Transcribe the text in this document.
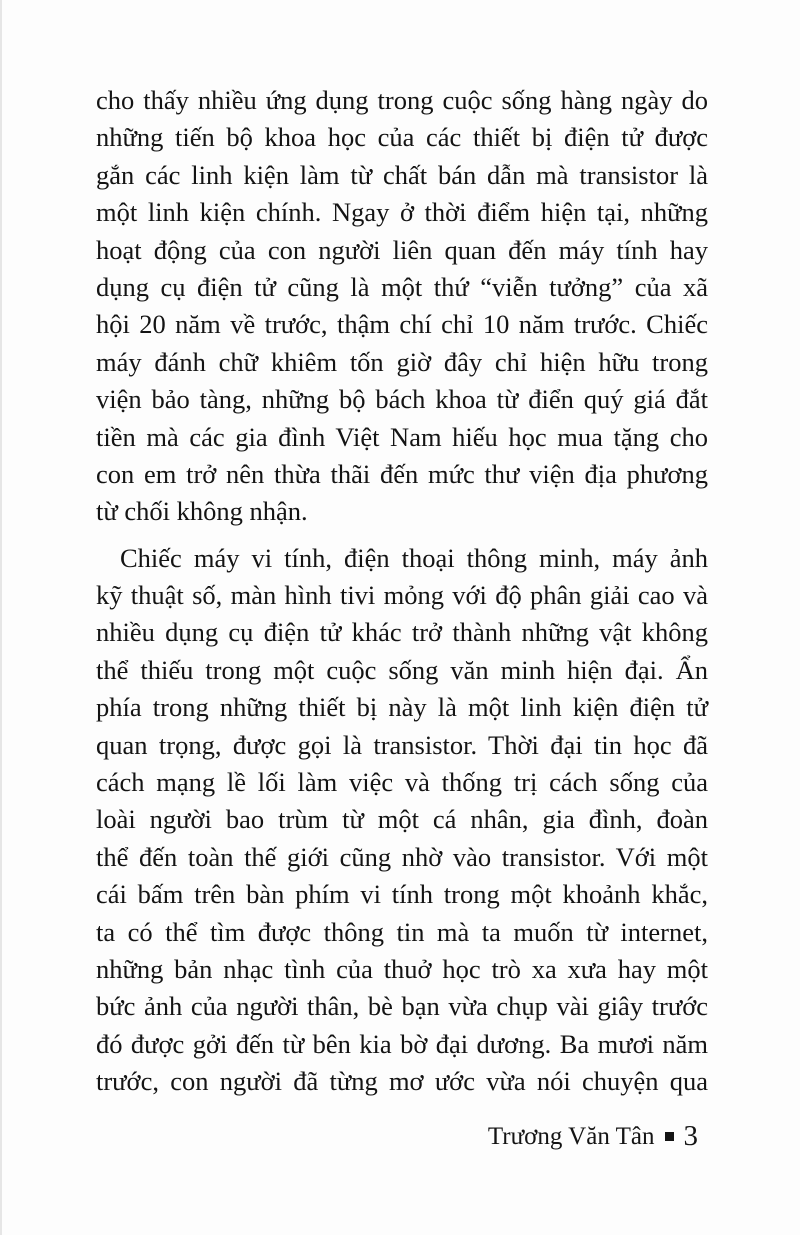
cho thấy nhiều ứng dụng trong cuộc sống hàng ngày do
những tiến bộ khoa học của các thiết bị điện tử được
gắn các linh kiện làm từ chất bán dẫn mà transistor là
một linh kiện chính. Ngay ở thời điểm hiện tại, những
hoạt động của con người liên quan đến máy tính hay
dụng cụ điện tử cũng là một thứ “viễn tưởng” của xã
hội 20 năm về trước, thậm chí chỉ 10 năm trước. Chiếc
máy đánh chữ khiêm tốn giờ đây chỉ hiện hữu trong
viện bảo tàng, những bộ bách khoa từ điển quý giá đắt
tiền mà các gia đình Việt Nam hiếu học mua tặng cho
con em trở nên thừa thãi đến mức thư viện địa phương
từ chối không nhận.
Chiếc máy vi tính, điện thoại thông minh, máy ảnh
kỹ thuật số, màn hình tivi mỏng với độ phân giải cao và
nhiều dụng cụ điện tử khác trở thành những vật không
thể thiếu trong một cuộc sống văn minh hiện đại. Ẩn
phía trong những thiết bị này là một linh kiện điện tử
quan trọng, được gọi là transistor. Thời đại tin học đã
cách mạng lề lối làm việc và thống trị cách sống của
loài người bao trùm từ một cá nhân, gia đình, đoàn
thể đến toàn thế giới cũng nhờ vào transistor. Với một
cái bấm trên bàn phím vi tính trong một khoảnh khắc,
ta có thể tìm được thông tin mà ta muốn từ internet,
những bản nhạc tình của thuở học trò xa xưa hay một
bức ảnh của người thân, bè bạn vừa chụp vài giây trước
đó được gởi đến từ bên kia bờ đại dương. Ba mươi năm
trước, con người đã từng mơ ước vừa nói chuyện qua
Trương Văn Tân 3
